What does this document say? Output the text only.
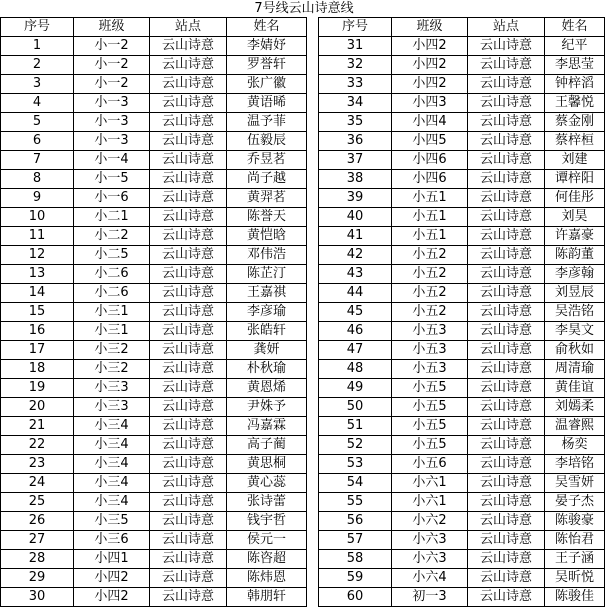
7号线云山诗意线
序号	班级	站点	姓名
1	小一2	云山诗意	李婧妤
2	小一2	云山诗意	罗誉轩
3	小一2	云山诗意	张广徽
4	小一3	云山诗意	黄语晞
5	小一3	云山诗意	温予菲
6	小一3	云山诗意	伍毅辰
7	小一4	云山诗意	乔昱茗
8	小一5	云山诗意	尚子越
9	小一6	云山诗意	黄羿茗
10	小二1	云山诗意	陈誉天
11	小二2	云山诗意	黄恺晗
12	小二5	云山诗意	邓伟浩
13	小二6	云山诗意	陈芷汀
14	小二6	云山诗意	王嘉祺
15	小三1	云山诗意	李彦瑜
16	小三1	云山诗意	张皓轩
17	小三2	云山诗意	龚妍
18	小三2	云山诗意	朴秋瑜
19	小三3	云山诗意	黄恩烯
20	小三3	云山诗意	尹姝予
21	小三4	云山诗意	冯嘉霖
22	小三4	云山诗意	高子蔺
23	小三4	云山诗意	黄思桐
24	小三4	云山诗意	黄心蕊
25	小三4	云山诗意	张诗蕾
26	小三5	云山诗意	钱宇哲
27	小三6	云山诗意	侯元一
28	小四1	云山诗意	陈咨超
29	小四2	云山诗意	陈炜恩
30	小四2	云山诗意	韩朋轩
序号	班级	站点	姓名
31	小四2	云山诗意	纪平
32	小四2	云山诗意	李思莹
33	小四2	云山诗意	钟梓滔
34	小四3	云山诗意	王馨悦
35	小四4	云山诗意	蔡金刚
36	小四5	云山诗意	蔡梓桓
37	小四6	云山诗意	刘建
38	小四6	云山诗意	谭梓阳
39	小五1	云山诗意	何佳彤
40	小五1	云山诗意	刘昊
41	小五1	云山诗意	许嘉豪
42	小五2	云山诗意	陈韵董
43	小五2	云山诗意	李彦翰
44	小五2	云山诗意	刘昱辰
45	小五2	云山诗意	吴浩铭
46	小五3	云山诗意	李昊文
47	小五3	云山诗意	俞秋如
48	小五3	云山诗意	周清瑜
49	小五5	云山诗意	黄佳谊
50	小五5	云山诗意	刘嫣柔
51	小五5	云山诗意	温睿熙
52	小五5	云山诗意	杨奕
53	小五6	云山诗意	李培铭
54	小六1	云山诗意	吴雪妍
55	小六1	云山诗意	晏子杰
56	小六2	云山诗意	陈骏豪
57	小六3	云山诗意	陈怡君
58	小六3	云山诗意	王子涵
59	小六4	云山诗意	吴昕悦
60	初一3	云山诗意	陈骏佳
